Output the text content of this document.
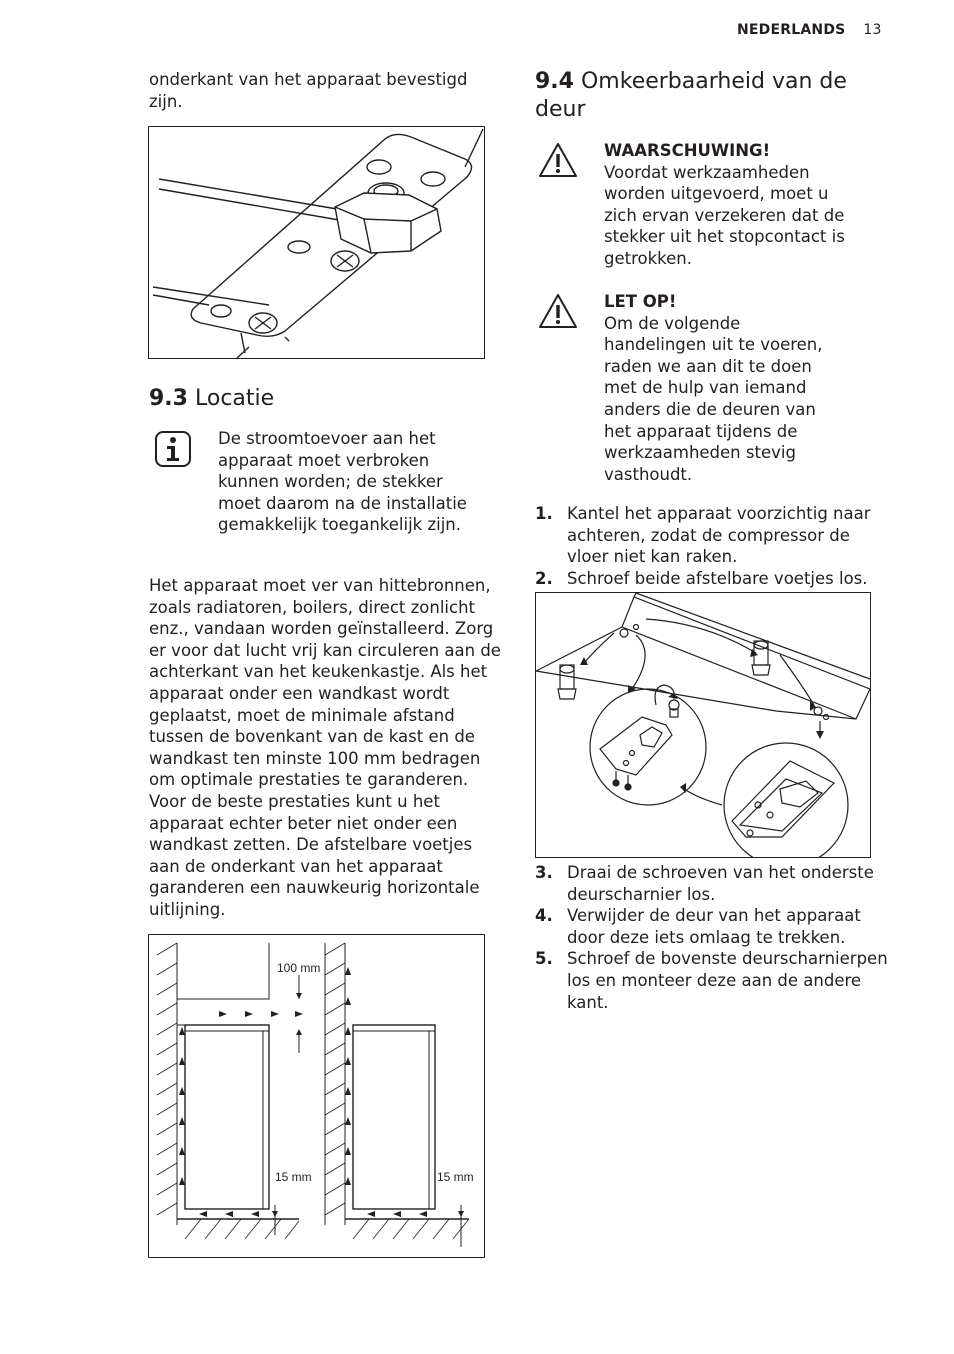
NEDERLANDS 13
onderkant van het apparaat bevestigd zijn.
9.3 Locatie
De stroomtoevoer aan het apparaat moet verbroken kunnen worden; de stekker moet daarom na de installatie gemakkelijk toegankelijk zijn.
Het apparaat moet ver van hittebronnen, zoals radiatoren, boilers, direct zonlicht enz., vandaan worden geïnstalleerd. Zorg er voor dat lucht vrij kan circuleren aan de achterkant van het keukenkastje. Als het apparaat onder een wandkast wordt geplaatst, moet de minimale afstand tussen de bovenkant van de kast en de wandkast ten minste 100 mm bedragen om optimale prestaties te garanderen. Voor de beste prestaties kunt u het apparaat echter beter niet onder een wandkast zetten. De afstelbare voetjes aan de onderkant van het apparaat garanderen een nauwkeurig horizontale uitlijning.
100 mm
15 mm	15 mm
9.4 Omkeerbaarheid van de deur
WAARSCHUWING!
Voordat werkzaamheden worden uitgevoerd, moet u zich ervan verzekeren dat de stekker uit het stopcontact is getrokken.
LET OP!
Om de volgende handelingen uit te voeren, raden we aan dit te doen met de hulp van iemand anders die de deuren van het apparaat tijdens de werkzaamheden stevig vasthoudt.
1. Kantel het apparaat voorzichtig naar achteren, zodat de compressor de vloer niet kan raken.
2. Schroef beide afstelbare voetjes los.
3. Draai de schroeven van het onderste deurscharnier los.
4. Verwijder de deur van het apparaat door deze iets omlaag te trekken.
5. Schroef de bovenste deurscharnierpen los en monteer deze aan de andere kant.
